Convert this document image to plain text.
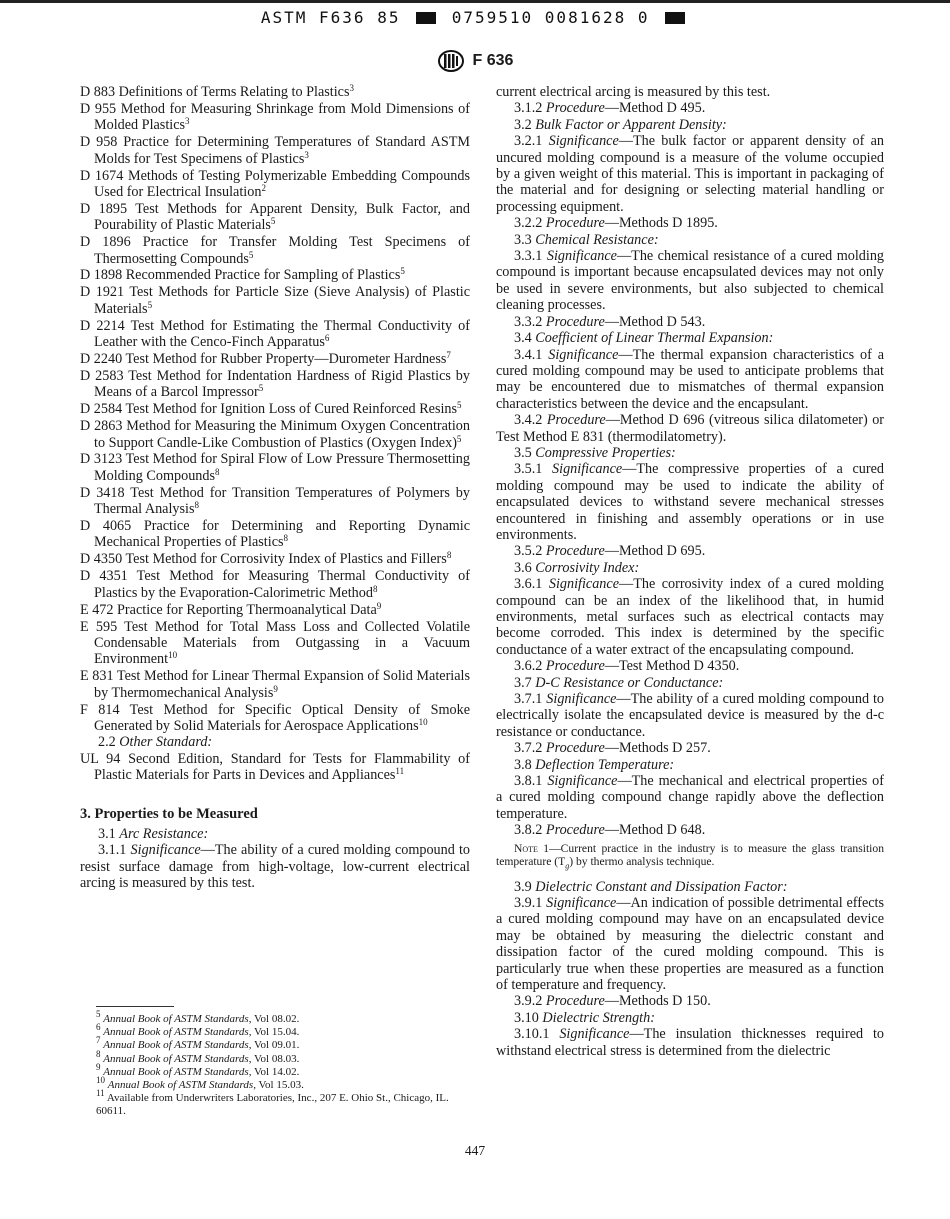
ASTM F636 85	0759510 0081628 0
F 636

D 883 Definitions of Terms Relating to Plastics$^3$

D 955 Method for Measuring Shrinkage from Mold Dimensions of Molded Plastics$^3$

D 958 Practice for Determining Temperatures of Standard ASTM Molds for Test Specimens of Plastics$^3$

D 1674 Methods of Testing Polymerizable Embedding Compounds Used for Electrical Insulation$^2$

D 1895 Test Methods for Apparent Density, Bulk Factor, and Pourability of Plastic Materials$^5$

D 1896 Practice for Transfer Molding Test Specimens of Thermosetting Compounds$^5$

D 1898 Recommended Practice for Sampling of Plastics$^5$

D 1921 Test Methods for Particle Size (Sieve Analysis) of Plastic Materials$^5$

D 2214 Test Method for Estimating the Thermal Conductivity of Leather with the Cenco-Finch Apparatus$^6$

D 2240 Test Method for Rubber Property—Durometer Hardness$^7$

D 2583 Test Method for Indentation Hardness of Rigid Plastics by Means of a Barcol Impressor$^5$

D 2584 Test Method for Ignition Loss of Cured Reinforced Resins$^5$

D 2863 Method for Measuring the Minimum Oxygen Concentration to Support Candle-Like Combustion of Plastics (Oxygen Index)$^5$

D 3123 Test Method for Spiral Flow of Low Pressure Thermosetting Molding Compounds$^8$

D 3418 Test Method for Transition Temperatures of Polymers by Thermal Analysis$^8$

D 4065 Practice for Determining and Reporting Dynamic Mechanical Properties of Plastics$^8$

D 4350 Test Method for Corrosivity Index of Plastics and Fillers$^8$

D 4351 Test Method for Measuring Thermal Conductivity of Plastics by the Evaporation-Calorimetric Method$^8$

E 472 Practice for Reporting Thermoanalytical Data$^9$

E 595 Test Method for Total Mass Loss and Collected Volatile Condensable Materials from Outgassing in a Vacuum Environment$^{10}$

E 831 Test Method for Linear Thermal Expansion of Solid Materials by Thermomechanical Analysis$^9$

F 814 Test Method for Specific Optical Density of Smoke Generated by Solid Materials for Aerospace Applications$^{10}$

2.2 Other Standard:

UL 94 Second Edition, Standard for Tests for Flammability of Plastic Materials for Parts in Devices and Appliances$^{11}$

3. Properties to be Measured

3.1 Arc Resistance:

3.1.1 Significance—The ability of a cured molding compound to resist surface damage from high-voltage, low-current electrical arcing is measured by this test.

current electrical arcing is measured by this test.

3.1.2 Procedure—Method D 495.

3.2 Bulk Factor or Apparent Density:

3.2.1 Significance—The bulk factor or apparent density of an uncured molding compound is a measure of the volume occupied by a given weight of this material. This is important in packaging of the material and for designing or selecting material handling or processing equipment.

3.2.2 Procedure—Methods D 1895.

3.3 Chemical Resistance:

3.3.1 Significance—The chemical resistance of a cured molding compound is important because encapsulated devices may not only be used in severe environments, but also subjected to chemical cleaning processes.

3.3.2 Procedure—Method D 543.

3.4 Coefficient of Linear Thermal Expansion:

3.4.1 Significance—The thermal expansion characteristics of a cured molding compound may be used to anticipate problems that may be encountered due to mismatches of thermal expansion characteristics between the device and the encapsulant.

3.4.2 Procedure—Method D 696 (vitreous silica dilatometer) or Test Method E 831 (thermodilatometry).

3.5 Compressive Properties:

3.5.1 Significance—The compressive properties of a cured molding compound may be used to indicate the ability of encapsulated devices to withstand severe mechanical stresses encountered in finishing and assembly operations or in use environments.

3.5.2 Procedure—Method D 695.

3.6 Corrosivity Index:

3.6.1 Significance—The corrosivity index of a cured molding compound can be an index of the likelihood that, in humid environments, metal surfaces such as electrical contacts may become corroded. This index is determined by the specific conductance of a water extract of the encapsulating compound.

3.6.2 Procedure—Test Method D 4350.

3.7 D-C Resistance or Conductance:

3.7.1 Significance—The ability of a cured molding compound to electrically isolate the encapsulated device is measured by the d-c resistance or conductance.

3.7.2 Procedure—Methods D 257.

3.8 Deflection Temperature:

3.8.1 Significance—The mechanical and electrical properties of a cured molding compound change rapidly above the deflection temperature.

3.8.2 Procedure—Method D 648.

Note 1—Current practice in the industry is to measure the glass transition temperature $(T_g)$ by thermo analysis technique.

3.9 Dielectric Constant and Dissipation Factor:

3.9.1 Significance—An indication of possible detrimental effects a cured molding compound may have on an encapsulated device may be obtained by measuring the dielectric constant and dissipation factor of the cured molding compound. This is particularly true when these properties are measured as a function of temperature and frequency.

3.9.2 Procedure—Methods D 150.

3.10 Dielectric Strength:

3.10.1 Significance—The insulation thicknesses required to withstand electrical stress is determined from the dielectric

$^5$ Annual Book of ASTM Standards, Vol 08.02.

$^6$ Annual Book of ASTM Standards, Vol 15.04.

$^7$ Annual Book of ASTM Standards, Vol 09.01.

$^8$ Annual Book of ASTM Standards, Vol 08.03.

$^9$ Annual Book of ASTM Standards, Vol 14.02.

$^{10}$ Annual Book of ASTM Standards, Vol 15.03.

$^{11}$ Available from Underwriters Laboratories, Inc., 207 E. Ohio St., Chicago, IL. 60611.

447
